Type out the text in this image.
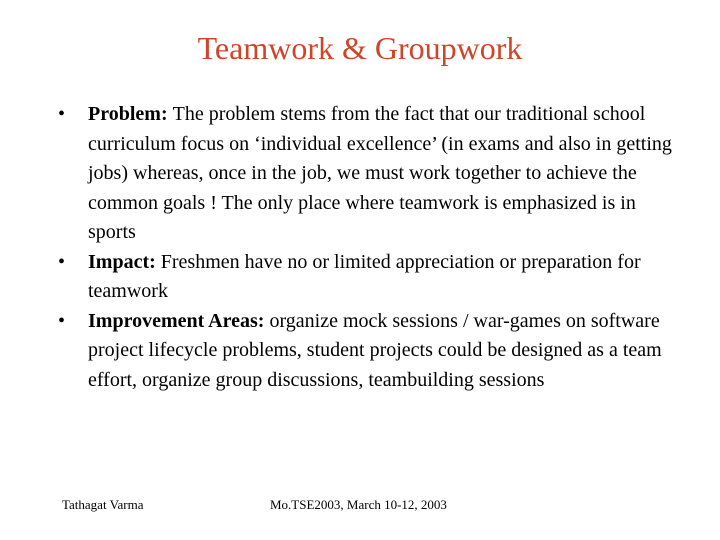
Teamwork & Groupwork
•	Problem: The problem stems from the fact that our traditional school curriculum focus on ‘individual excellence’ (in exams and also in getting jobs) whereas, once in the job, we must work together to achieve the common goals ! The only place where teamwork is emphasized is in sports
•	Impact: Freshmen have no or limited appreciation or preparation for teamwork
•	Improvement Areas: organize mock sessions / war-games on software project lifecycle problems, student projects could be designed as a team effort, organize group discussions, teambuilding sessions
Tathagat Varma	Mo.TSE2003, March 10-12, 2003
